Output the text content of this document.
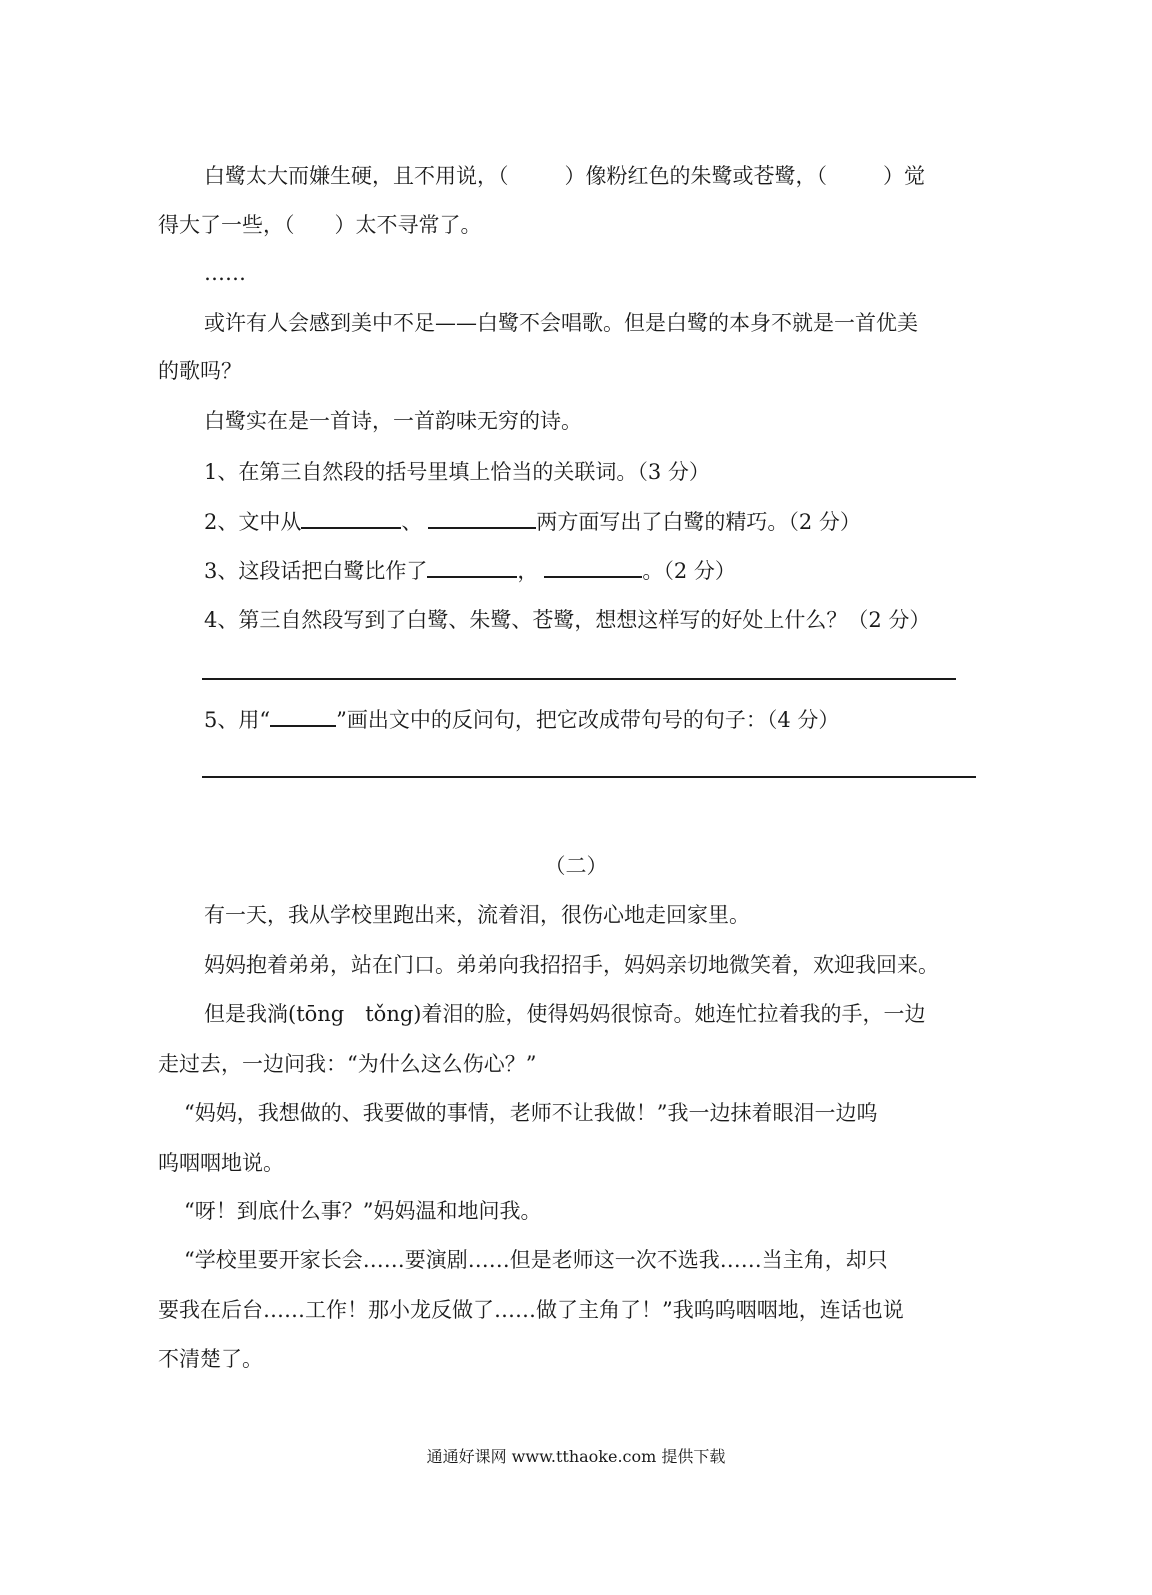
白鹭太大而嫌生硬，且不用说，（	）像粉红色的朱鹭或苍鹭，（	）觉
得大了一些，（ ）太不寻常了。
……
或许有人会感到美中不足——白鹭不会唱歌。但是白鹭的本身不就是一首优美
的歌吗？
白鹭实在是一首诗，一首韵味无穷的诗。
1、在第三自然段的括号里填上恰当的关联词。（3 分）
2、文中从	、	两方面写出了白鹭的精巧。（2 分）
3、这段话把白鹭比作了	，	。（2 分）
4、第三自然段写到了白鹭、朱鹭、苍鹭，想想这样写的好处上什么？（2 分）
5、用“	”画出文中的反问句，把它改成带句号的句子：（4 分）
（二）
有一天，我从学校里跑出来，流着泪，很伤心地走回家里。
妈妈抱着弟弟，站在门口。弟弟向我招招手，妈妈亲切地微笑着，欢迎我回来。
但是我淌(tōng　tǒng)着泪的脸，使得妈妈很惊奇。她连忙拉着我的手，一边
走过去，一边问我：“为什么这么伤心？”
“妈妈，我想做的、我要做的事情，老师不让我做！”我一边抹着眼泪一边呜
呜咽咽地说。
“呀！到底什么事？”妈妈温和地问我。
“学校里要开家长会……要演剧……但是老师这一次不选我……当主角，却只
要我在后台……工作！那小龙反做了……做了主角了！”我呜呜咽咽地，连话也说
不清楚了。
通通好课网 www.tthaoke.com 提供下载
